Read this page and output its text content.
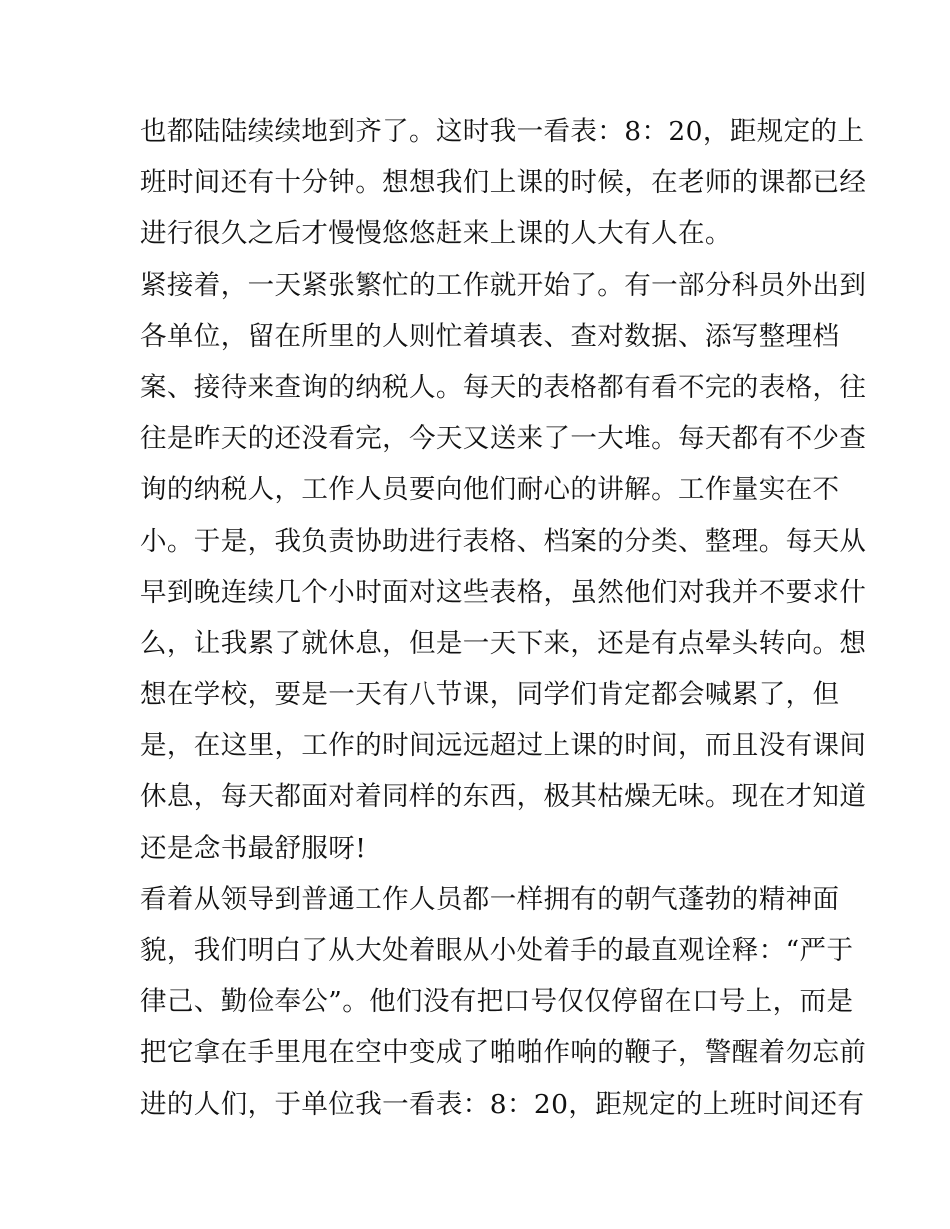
也都陆陆续续地到齐了。这时我一看表：8：20，距规定的上
班时间还有十分钟。想想我们上课的时候，在老师的课都已经
进行很久之后才慢慢悠悠赶来上课的人大有人在。
紧接着，一天紧张繁忙的工作就开始了。有一部分科员外出到
各单位，留在所里的人则忙着填表、查对数据、添写整理档
案、接待来查询的纳税人。每天的表格都有看不完的表格，往
往是昨天的还没看完，今天又送来了一大堆。每天都有不少查
询的纳税人，工作人员要向他们耐心的讲解。工作量实在不
小。于是，我负责协助进行表格、档案的分类、整理。每天从
早到晚连续几个小时面对这些表格，虽然他们对我并不要求什
么，让我累了就休息，但是一天下来，还是有点晕头转向。想
想在学校，要是一天有八节课，同学们肯定都会喊累了，但
是，在这里，工作的时间远远超过上课的时间，而且没有课间
休息，每天都面对着同样的东西，极其枯燥无味。现在才知道
还是念书最舒服呀!
看着从领导到普通工作人员都一样拥有的朝气蓬勃的精神面
貌，我们明白了从大处着眼从小处着手的最直观诠释：“严于
律己、勤俭奉公”。他们没有把口号仅仅停留在口号上，而是
把它拿在手里甩在空中变成了啪啪作响的鞭子，警醒着勿忘前
进的人们，于单位我一看表：8：20，距规定的上班时间还有
